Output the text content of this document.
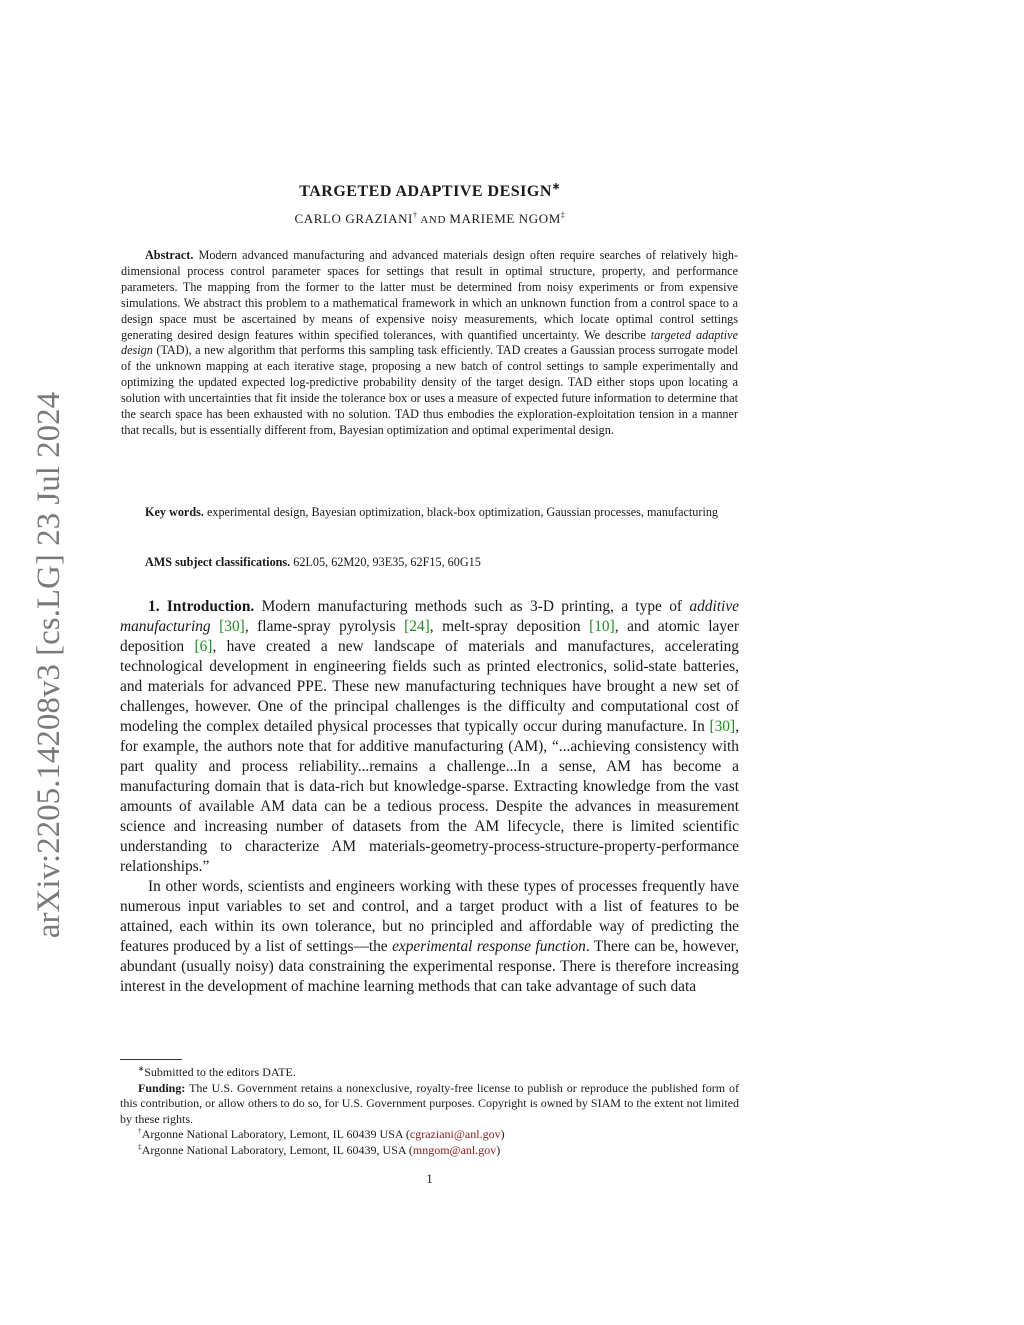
arXiv:2205.14208v3 [cs.LG] 23 Jul 2024
TARGETED ADAPTIVE DESIGN∗
CARLO GRAZIANI† AND MARIEME NGOM‡
Abstract. Modern advanced manufacturing and advanced materials design often require searches of relatively high-dimensional process control parameter spaces for settings that result in optimal structure, property, and performance parameters. The mapping from the former to the latter must be determined from noisy experiments or from expensive simulations. We abstract this problem to a mathematical framework in which an unknown function from a control space to a design space must be ascertained by means of expensive noisy measurements, which locate optimal control settings generating desired design features within specified tolerances, with quantified uncertainty. We describe targeted adaptive design (TAD), a new algorithm that performs this sampling task efficiently. TAD creates a Gaussian process surrogate model of the unknown mapping at each iterative stage, proposing a new batch of control settings to sample experimentally and optimizing the updated expected log-predictive probability density of the target design. TAD either stops upon locating a solution with uncertainties that fit inside the tolerance box or uses a measure of expected future information to determine that the search space has been exhausted with no solution. TAD thus embodies the exploration-exploitation tension in a manner that recalls, but is essentially different from, Bayesian optimization and optimal experimental design.
Key words. experimental design, Bayesian optimization, black-box optimization, Gaussian processes, manufacturing
AMS subject classifications. 62L05, 62M20, 93E35, 62F15, 60G15

1. Introduction. Modern manufacturing methods such as 3-D printing, a type of additive manufacturing [30], flame-spray pyrolysis [24], melt-spray deposition [10], and atomic layer deposition [6], have created a new landscape of materials and manufactures, accelerating technological development in engineering fields such as printed electronics, solid-state batteries, and materials for advanced PPE. These new manufacturing techniques have brought a new set of challenges, however. One of the principal challenges is the difficulty and computational cost of modeling the complex detailed physical processes that typically occur during manufacture. In [30], for example, the authors note that for additive manufacturing (AM), “...achieving consistency with part quality and process reliability...remains a challenge...In a sense, AM has become a manufacturing domain that is data-rich but knowledge-sparse. Extracting knowledge from the vast amounts of available AM data can be a tedious process. Despite the advances in measurement science and increasing number of datasets from the AM lifecycle, there is limited scientific understanding to characterize AM materials-geometry-process-structure-property-performance relationships.”

In other words, scientists and engineers working with these types of processes frequently have numerous input variables to set and control, and a target product with a list of features to be attained, each within its own tolerance, but no principled and affordable way of predicting the features produced by a list of settings—the experimental response function. There can be, however, abundant (usually noisy) data constraining the experimental response. There is therefore increasing interest in the development of machine learning methods that can take advantage of such data

∗Submitted to the editors DATE.

Funding: The U.S. Government retains a nonexclusive, royalty-free license to publish or reproduce the published form of this contribution, or allow others to do so, for U.S. Government purposes. Copyright is owned by SIAM to the extent not limited by these rights.

†Argonne National Laboratory, Lemont, IL 60439 USA (cgraziani@anl.gov)

‡Argonne National Laboratory, Lemont, IL 60439, USA (mngom@anl.gov)

1
